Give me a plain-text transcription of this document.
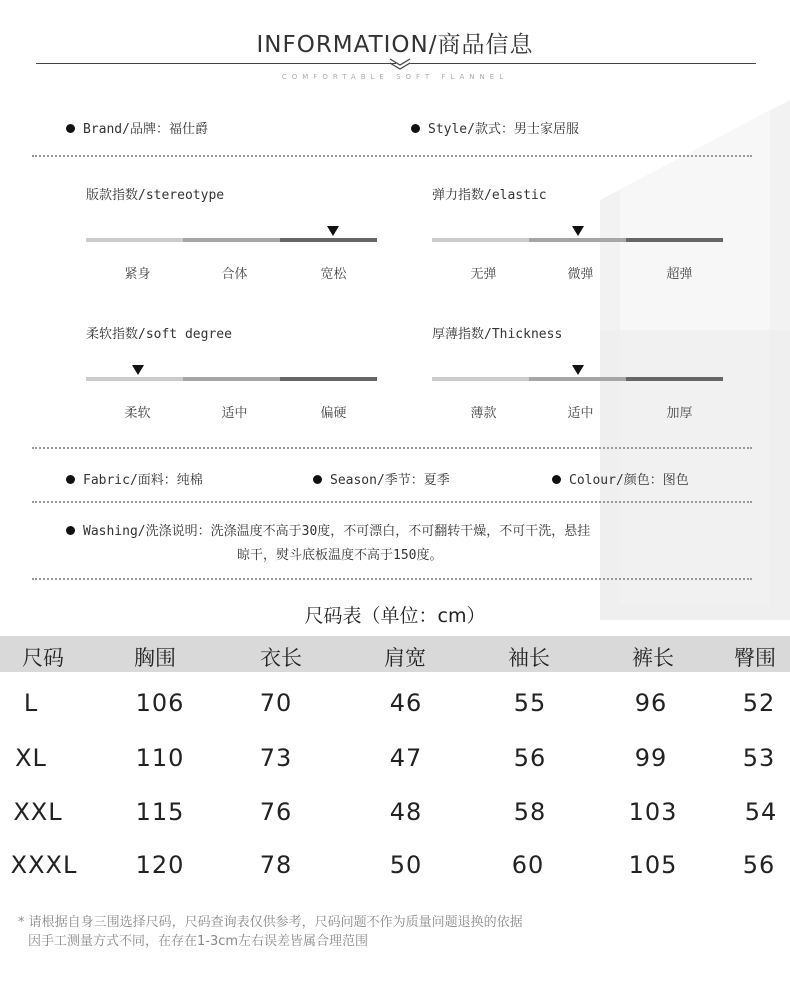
INFORMATION/商品信息
COMFORTABLE SOFT FLANNEL
Brand/品牌：福仕爵	Style/款式：男士家居服
版款指数/stereotype
紧身	合体	宽松
弹力指数/elastic
无弹	微弹	超弹
柔软指数/soft degree
柔软	适中	偏硬
厚薄指数/Thickness
薄款	适中	加厚
Fabric/面料：纯棉	Season/季节：夏季	Colour/颜色：图色
Washing/洗涤说明：洗涤温度不高于30度，不可漂白，不可翻转干燥，不可干洗，悬挂
晾干，熨斗底板温度不高于150度。
尺码表（单位：cm）
尺码	胸围	衣长	肩宽	袖长	裤长	臀围
L	106	70	46	55	96	52
XL	110	73	47	56	99	53
XXL	115	76	48	58	103	54
XXXL	120	78	50	60	105	56
* 请根据自身三围选择尺码，尺码查询表仅供参考，尺码问题不作为质量问题退换的依据
因手工测量方式不同，在存在1-3cm左右误差皆属合理范围
